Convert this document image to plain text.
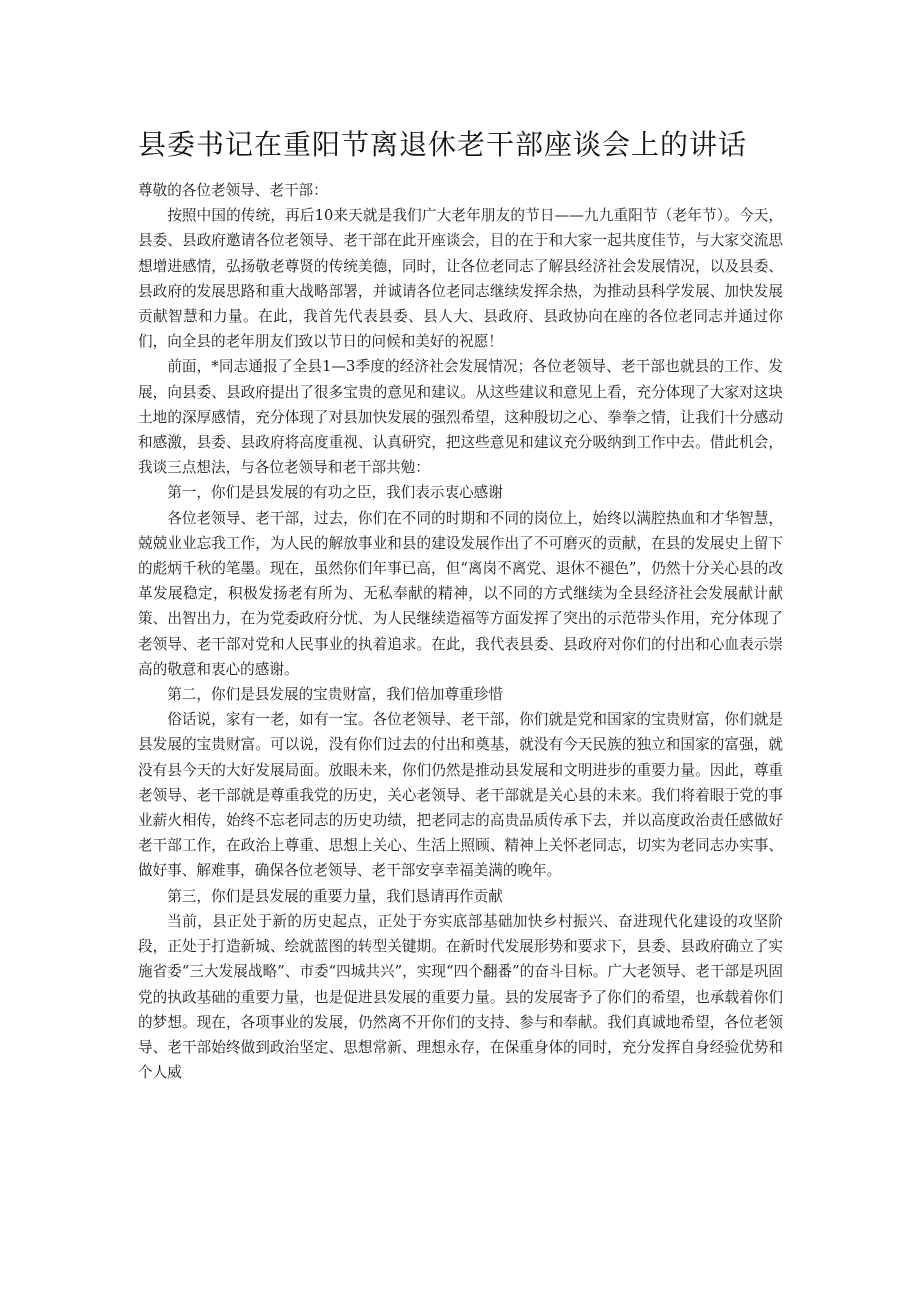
县委书记在重阳节离退休老干部座谈会上的讲话

尊敬的各位老领导、老干部：

按照中国的传统，再后10来天就是我们广大老年朋友的节日——九九重阳节（老年节）。今天，县委、县政府邀请各位老领导、老干部在此开座谈会，目的在于和大家一起共度佳节，与大家交流思想增进感情，弘扬敬老尊贤的传统美德，同时，让各位老同志了解县经济社会发展情况，以及县委、县政府的发展思路和重大战略部署，并诚请各位老同志继续发挥余热，为推动县科学发展、加快发展贡献智慧和力量。在此，我首先代表县委、县人大、县政府、县政协向在座的各位老同志并通过你们，向全县的老年朋友们致以节日的问候和美好的祝愿！

前面，*同志通报了全县1—3季度的经济社会发展情况；各位老领导、老干部也就县的工作、发展，向县委、县政府提出了很多宝贵的意见和建议。从这些建议和意见上看，充分体现了大家对这块土地的深厚感情，充分体现了对县加快发展的强烈希望，这种殷切之心、拳拳之情，让我们十分感动和感激，县委、县政府将高度重视、认真研究，把这些意见和建议充分吸纳到工作中去。借此机会，我谈三点想法，与各位老领导和老干部共勉：

第一，你们是县发展的有功之臣，我们表示衷心感谢

各位老领导、老干部，过去，你们在不同的时期和不同的岗位上，始终以满腔热血和才华智慧，兢兢业业忘我工作，为人民的解放事业和县的建设发展作出了不可磨灭的贡献，在县的发展史上留下的彪炳千秋的笔墨。现在，虽然你们年事已高，但“离岗不离党、退休不褪色”，仍然十分关心县的改革发展稳定，积极发扬老有所为、无私奉献的精神，以不同的方式继续为全县经济社会发展献计献策、出智出力，在为党委政府分忧、为人民继续造福等方面发挥了突出的示范带头作用，充分体现了老领导、老干部对党和人民事业的执着追求。在此，我代表县委、县政府对你们的付出和心血表示崇高的敬意和衷心的感谢。

第二，你们是县发展的宝贵财富，我们倍加尊重珍惜

俗话说，家有一老，如有一宝。各位老领导、老干部，你们就是党和国家的宝贵财富，你们就是县发展的宝贵财富。可以说，没有你们过去的付出和奠基，就没有今天民族的独立和国家的富强，就没有县今天的大好发展局面。放眼未来，你们仍然是推动县发展和文明进步的重要力量。因此，尊重老领导、老干部就是尊重我党的历史，关心老领导、老干部就是关心县的未来。我们将着眼于党的事业薪火相传，始终不忘老同志的历史功绩，把老同志的高贵品质传承下去，并以高度政治责任感做好老干部工作，在政治上尊重、思想上关心、生活上照顾、精神上关怀老同志，切实为老同志办实事、做好事、解难事，确保各位老领导、老干部安享幸福美满的晚年。

第三，你们是县发展的重要力量，我们恳请再作贡献

当前，县正处于新的历史起点，正处于夯实底部基础加快乡村振兴、奋进现代化建设的攻坚阶段，正处于打造新城、绘就蓝图的转型关键期。在新时代发展形势和要求下，县委、县政府确立了实施省委“三大发展战略”、市委“四城共兴”，实现“四个翻番”的奋斗目标。广大老领导、老干部是巩固党的执政基础的重要力量，也是促进县发展的重要力量。县的发展寄予了你们的希望，也承载着你们的梦想。现在，各项事业的发展，仍然离不开你们的支持、参与和奉献。我们真诚地希望，各位老领导、老干部始终做到政治坚定、思想常新、理想永存，在保重身体的同时，充分发挥自身经验优势和个人威
